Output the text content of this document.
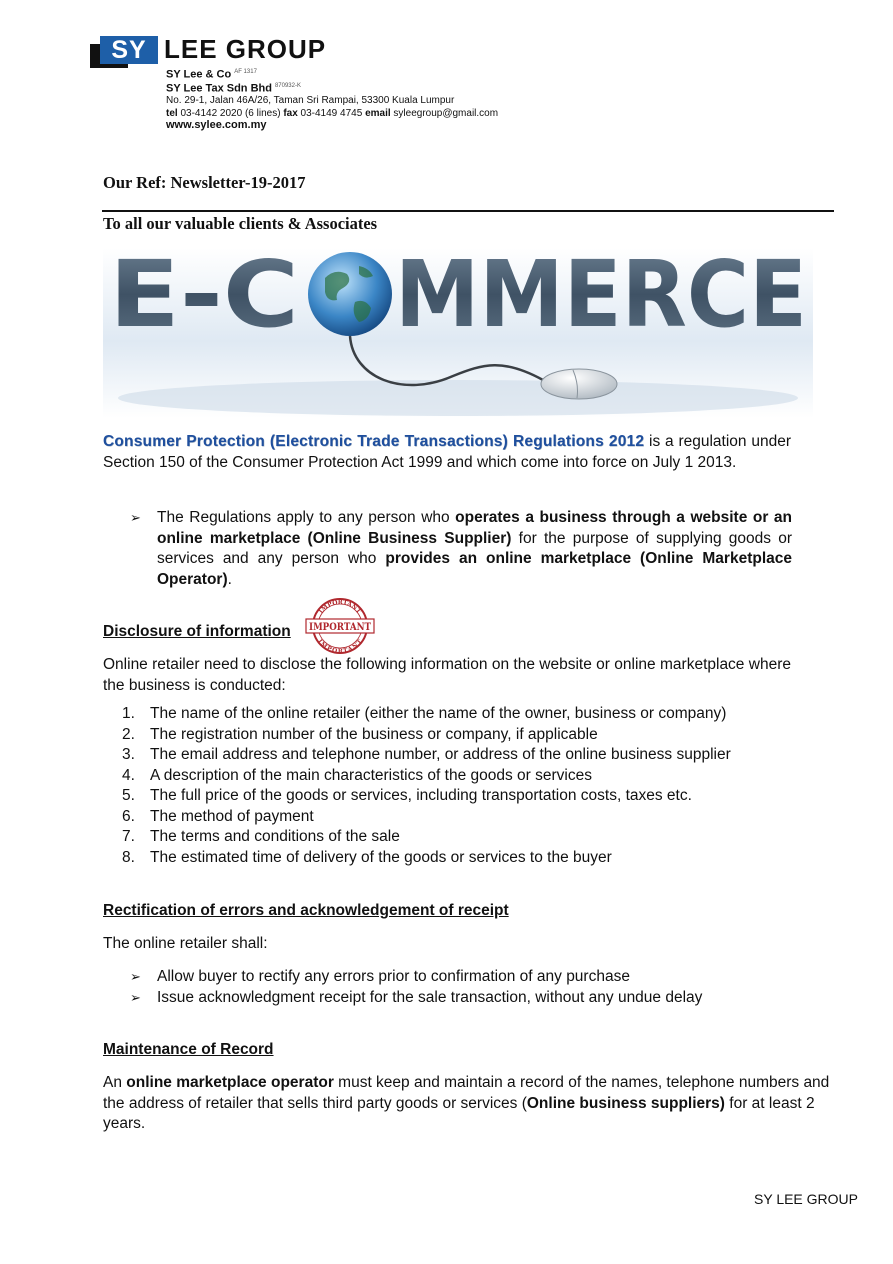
SY LEE GROUP
SY Lee & Co $^{AF 1317}$
SY Lee Tax Sdn Bhd $^{870932-K}$
No. 29-1, Jalan 46A/26, Taman Sri Rampai, 53300 Kuala Lumpur
tel 03-4142 2020 (6 lines) fax 03-4149 4745 email syleegroup@gmail.com
www.sylee.com.my
Our Ref: Newsletter-19-2017
To all our valuable clients & Associates
E-C MMERCE
Consumer Protection (Electronic Trade Transactions) Regulations 2012 is a regulation under Section 150 of the Consumer Protection Act 1999 and which come into force on July 1 2013.
➢ The Regulations apply to any person who operates a business through a website or an online marketplace (Online Business Supplier) for the purpose of supplying goods or services and any person who provides an online marketplace (Online Marketplace Operator).
Disclosure of information
IMPORTANT
IMPORTANT
IMPORTANT
Online retailer need to disclose the following information on the website or online marketplace where the business is conducted:
1. The name of the online retailer (either the name of the owner, business or company)
2. The registration number of the business or company, if applicable
3. The email address and telephone number, or address of the online business supplier
4. A description of the main characteristics of the goods or services
5. The full price of the goods or services, including transportation costs, taxes etc.
6. The method of payment
7. The terms and conditions of the sale
8. The estimated time of delivery of the goods or services to the buyer
Rectification of errors and acknowledgement of receipt
The online retailer shall:
➢ Allow buyer to rectify any errors prior to confirmation of any purchase
➢ Issue acknowledgment receipt for the sale transaction, without any undue delay
Maintenance of Record
An online marketplace operator must keep and maintain a record of the names, telephone numbers and the address of retailer that sells third party goods or services (Online business suppliers) for at least 2 years.
SY LEE GROUP
